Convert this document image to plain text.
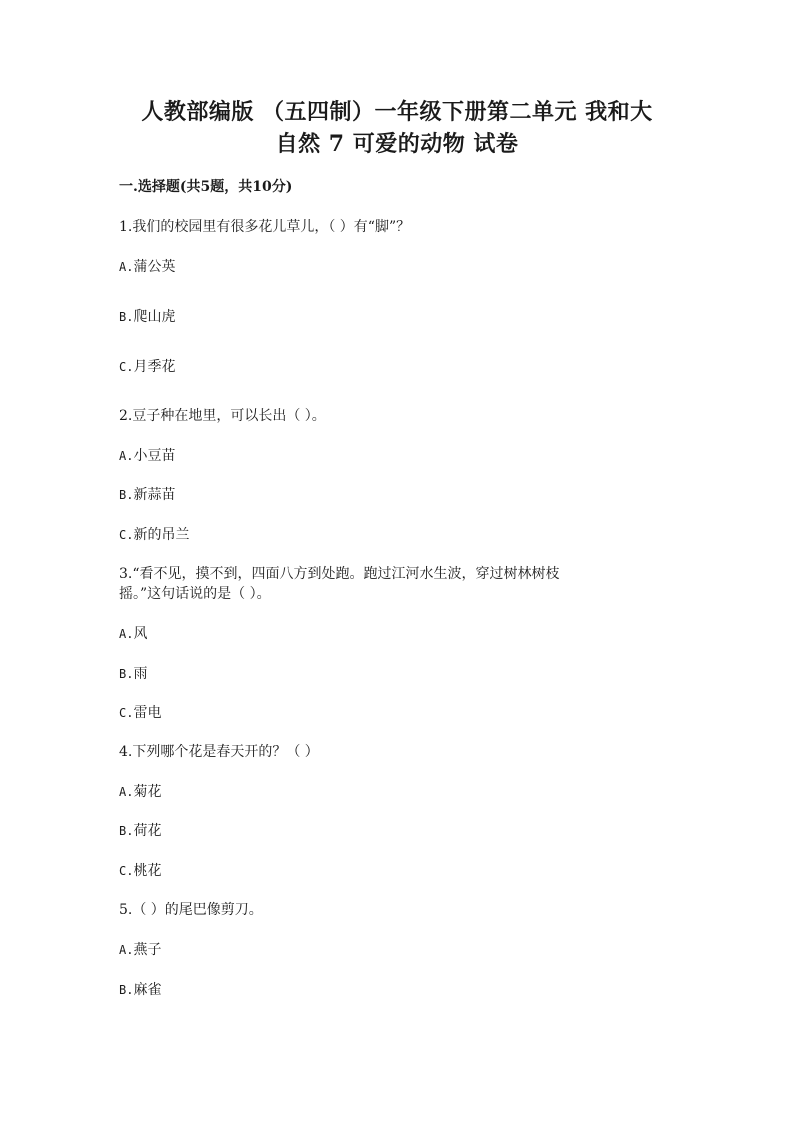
人教部编版 （五四制）一年级下册第二单元 我和大
自然 7 可爱的动物 试卷
一.选择题(共5题，共10分)
1.我们的校园里有很多花儿草儿，（ ）有“脚”？
A.蒲公英
B.爬山虎
C.月季花
2.豆子种在地里，可以长出（ ）。
A.小豆苗
B.新蒜苗
C.新的吊兰
3.“看不见，摸不到，四面八方到处跑。跑过江河水生波，穿过树林树枝
摇。”这句话说的是（ ）。
A.风
B.雨
C.雷电
4.下列哪个花是春天开的？（ ）
A.菊花
B.荷花
C.桃花
5.（ ）的尾巴像剪刀。
A.燕子
B.麻雀
